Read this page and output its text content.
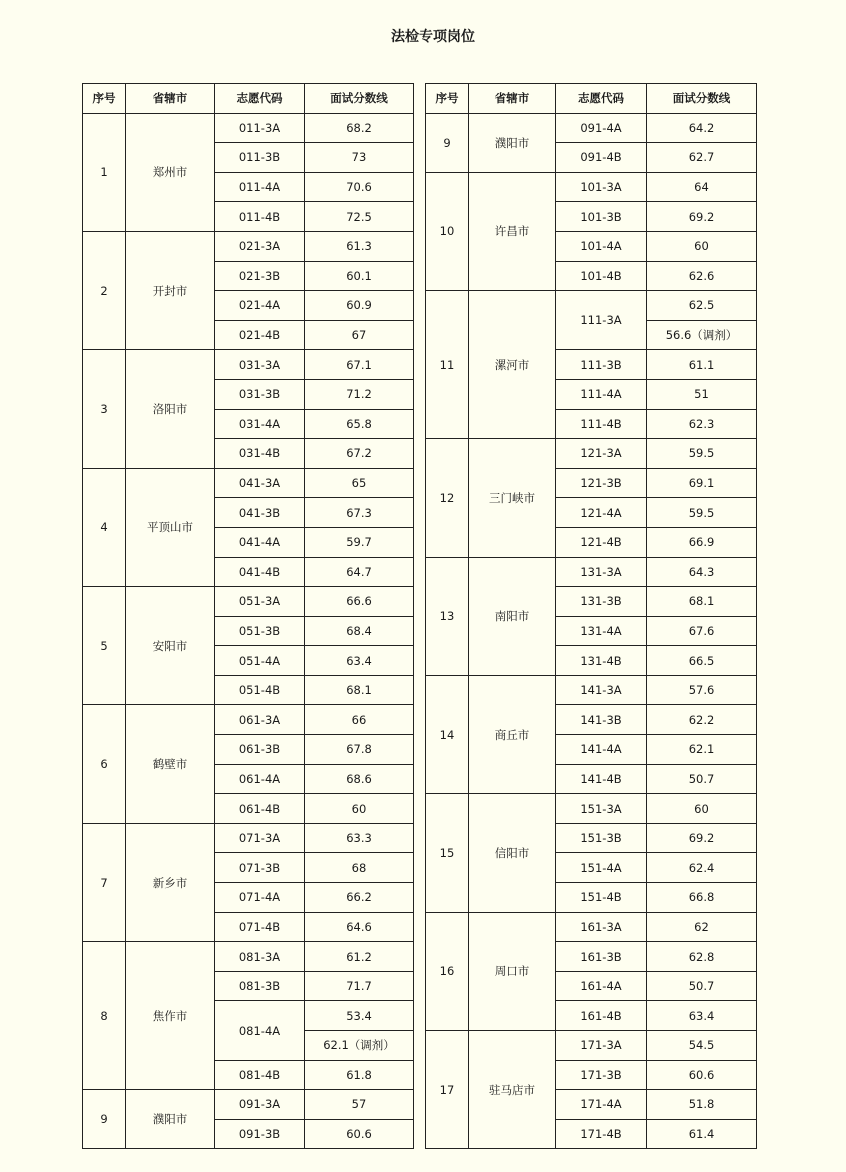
法检专项岗位
序号	省辖市	志愿代码	面试分数线
1	郑州市	011-3A	68.2
		011-3B	73
		011-4A	70.6
		011-4B	72.5
2	开封市	021-3A	61.3
		021-3B	60.1
		021-4A	60.9
		021-4B	67
3	洛阳市	031-3A	67.1
		031-3B	71.2
		031-4A	65.8
		031-4B	67.2
4	平顶山市	041-3A	65
		041-3B	67.3
		041-4A	59.7
		041-4B	64.7
5	安阳市	051-3A	66.6
		051-3B	68.4
		051-4A	63.4
		051-4B	68.1
6	鹤壁市	061-3A	66
		061-3B	67.8
		061-4A	68.6
		061-4B	60
7	新乡市	071-3A	63.3
		071-3B	68
		071-4A	66.2
		071-4B	64.6
8	焦作市	081-3A	61.2
		081-3B	71.7
		081-4A	53.4
			62.1（调剂）
		081-4B	61.8
9	濮阳市	091-3A	57
		091-3B	60.6
序号	省辖市	志愿代码	面试分数线
9	濮阳市	091-4A	64.2
		091-4B	62.7
10	许昌市	101-3A	64
		101-3B	69.2
		101-4A	60
		101-4B	62.6
11	漯河市	111-3A	62.5
			56.6（调剂）
		111-3B	61.1
		111-4A	51
		111-4B	62.3
12	三门峡市	121-3A	59.5
		121-3B	69.1
		121-4A	59.5
		121-4B	66.9
13	南阳市	131-3A	64.3
		131-3B	68.1
		131-4A	67.6
		131-4B	66.5
14	商丘市	141-3A	57.6
		141-3B	62.2
		141-4A	62.1
		141-4B	50.7
15	信阳市	151-3A	60
		151-3B	69.2
		151-4A	62.4
		151-4B	66.8
16	周口市	161-3A	62
		161-3B	62.8
		161-4A	50.7
		161-4B	63.4
17	驻马店市	171-3A	54.5
		171-3B	60.6
		171-4A	51.8
		171-4B	61.4
